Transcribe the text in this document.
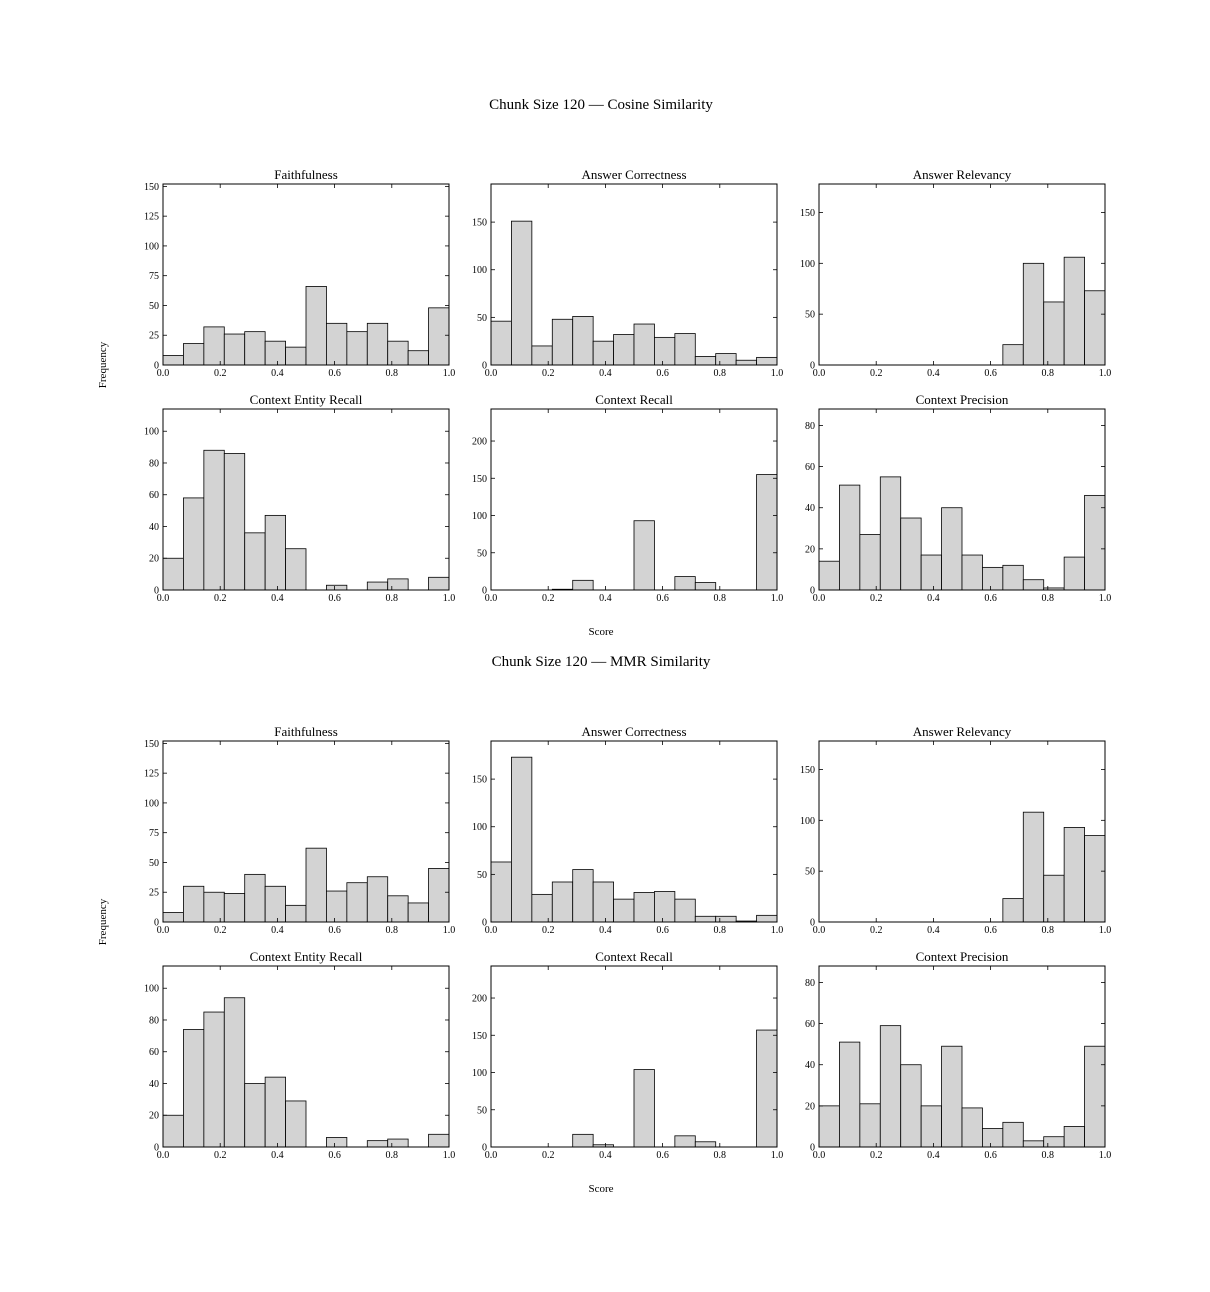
Chunk Size 120 — Cosine Similarity
Score
Frequency
Faithfulness
0.0	0.2	0.4	0.6	0.8	1.0
0
25
50
75
100
125
150
Answer Correctness
0.0	0.2	0.4	0.6	0.8	1.0
0
50
100
150
Answer Relevancy
0.0	0.2	0.4	0.6	0.8	1.0
0
50
100
150
Context Entity Recall
0.0	0.2	0.4	0.6	0.8	1.0
0
20
40
60
80
100
Context Recall
0.0	0.2	0.4	0.6	0.8	1.0
0
50
100
150
200
Context Precision
0.0	0.2	0.4	0.6	0.8	1.0
0
20
40
60
80
Chunk Size 120 — MMR Similarity
Score
Frequency
Faithfulness
0.0	0.2	0.4	0.6	0.8	1.0
0
25
50
75
100
125
150
Answer Correctness
0.0	0.2	0.4	0.6	0.8	1.0
0
50
100
150
Answer Relevancy
0.0	0.2	0.4	0.6	0.8	1.0
0
50
100
150
Context Entity Recall
0.0	0.2	0.4	0.6	0.8	1.0
0
20
40
60
80
100
Context Recall
0.0	0.2	0.4	0.6	0.8	1.0
0
50
100
150
200
Context Precision
0.0	0.2	0.4	0.6	0.8	1.0
0
20
40
60
80
